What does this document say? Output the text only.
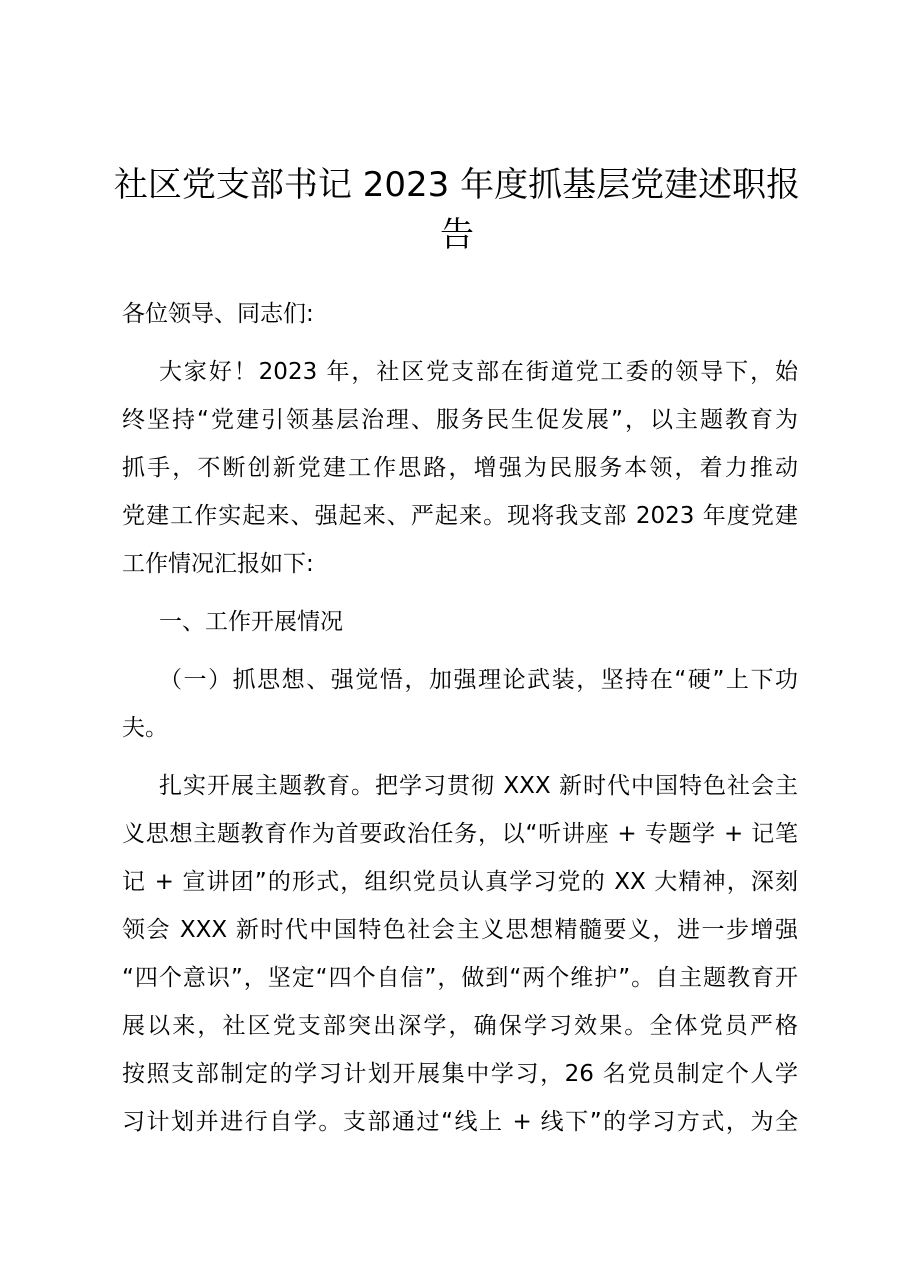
社区党支部书记 2023 年度抓基层党建述职报
告
各位领导、同志们:
大家好！2023 年，社区党支部在街道党工委的领导下，始
终坚持“党建引领基层治理、服务民生促发展”，以主题教育为
抓手，不断创新党建工作思路，增强为民服务本领，着力推动
党建工作实起来、强起来、严起来。现将我支部 2023 年度党建
工作情况汇报如下:
一、工作开展情况
（一）抓思想、强觉悟，加强理论武装，坚持在“硬”上下功
夫。
扎实开展主题教育。把学习贯彻 XXX 新时代中国特色社会主
义思想主题教育作为首要政治任务，以“听讲座 + 专题学 + 记笔
记 + 宣讲团”的形式，组织党员认真学习党的 XX 大精神，深刻
领会 XXX 新时代中国特色社会主义思想精髓要义，进一步增强
“四个意识”，坚定“四个自信”，做到“两个维护”。自主题教育开
展以来，社区党支部突出深学，确保学习效果。全体党员严格
按照支部制定的学习计划开展集中学习，26 名党员制定个人学
习计划并进行自学。支部通过“线上 + 线下”的学习方式，为全
